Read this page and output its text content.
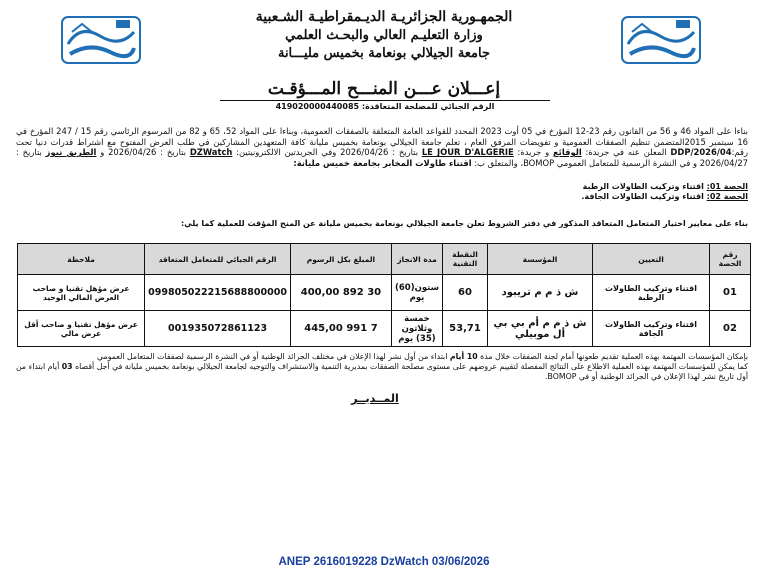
الجمهـورية الجزائريـة الديـمقراطيـة الشـعبية
وزارة التعليـم العالي والبحـث العلمي
جامعة الجيلالي بونعامة بخميس مليـــانة
إعـــلان عـــن المنـــح المـــؤقـت
الرقم الجبائي للمصلحة المتعاقدة: 419020000440085
بناءا على المواد 46 و 56 من القانون رقم 23-12 المؤرخ في 05 أوت 2023 المحدد للقواعد العامة المتعلقة بالصفقات العمومية، وبناءا على المواد 52، 65 و 82 من المرسوم الرئاسي رقم 15 / 247 المؤرخ في 16 سبتمبر 2015المتضمن تنظيم الصفقات العمومية و تفويضات المرفق العام ، تعلم جامعة الجيلالي بونعامة بخميس مليانة كافة المتعهدين المشاركين في طلب العرض المفتوح مع اشتراط قدرات دنيا تحت رقم:04/DDP/2026 المعلن عنه في جريدة: الوقائع و جريدة: LE JOUR D'ALGERIE بتاريخ : 2026/04/26 وفي الجريدتين الالكترونيتين: DZWatch بتاريخ : 2026/04/26 و الطريق نيوز بتاريخ : 2026/04/27 و في النشرة الرسمية للمتعامل العمومي BOMOP، والمتعلق ب: اقتناء طاولات المخابر بجامعة خميس مليانة:
الحصة 01: اقتناء وتركيب الطاولات الرطبة
الحصة 02: اقتناء وتركيب الطاولات الجافة.
بناء على معايير اختيار المتعامل المتعاقد المذكور في دفتر الشروط تعلن جامعة الجيلالي بونعامة بخميس مليانة عن المنح المؤقت للعملية كما يلي:
رقم الحصة	التعيين	المؤسسة	النقطة التقنية	مدة الانجاز	المبلغ بكل الرسوم	الرقم الجبائي للمتعامل المتعاقد	ملاحظة
01	اقتناء وتركيب الطاولات الرطبة	ش ذ م م تريبود	60	ستون(60) يوم	30 892 400,00	099805022215688800000	عرض مؤهل تقنيا و صاحب العرض المالي الوحيد
02	اقتناء وتركيب الطاولات الجافة	ش ذ م م أم بي بي أل موبيلي	53,71	خمسة وثلاثون (35) يوم	7 991 445,00	001935072861123	عرض مؤهل تقنيا و صاحب أقل عرض مالي
بإمكان المؤسسات المهتمة بهذه العملية تقديم طعونها أمام لجنة الصفقات خلال مدة 10 أيام ابتداء من أول نشر لهذا الإعلان في مختلف الجرائد الوطنية أو في النشرة الرسمية لصفقات المتعامل العمومي
كما يمكن للمؤسسات المهتمة بهذه العملية الاطلاع على النتائج المفصلة لتقييم عروضهم على مستوى مصلحة الصفقات بمديرية التنمية والاستشراف والتوجيه لجامعة الجيلالي بونعامة بخميس مليانة في أجل أقصاه 03 أيام ابتداء من أول تاريخ نشر لهذا الإعلان في الجرائد الوطنية أو في BOMOP.
المــديــر
ANEP 2616019228 DzWatch 03/06/2026
